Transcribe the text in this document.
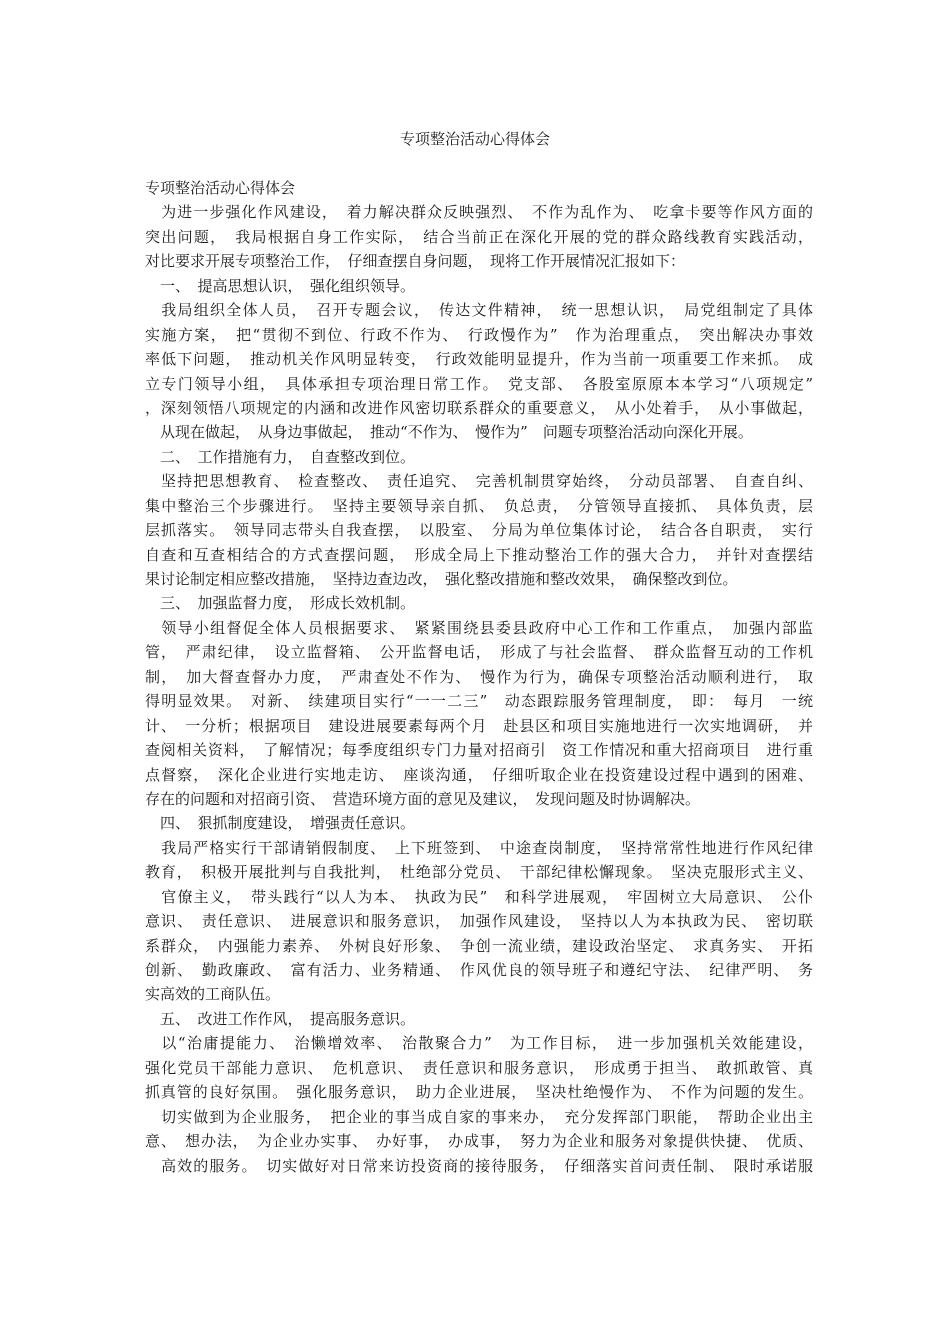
专项整治活动心得体会
专项整治活动心得体会
　为进一步强化作风建设，　着力解决群众反映强烈、　不作为乱作为、　吃拿卡要等作风方面的
突出问题，　我局根据自身工作实际，　结合当前正在深化开展的党的群众路线教育实践活动，
对比要求开展专项整治工作，　仔细查摆自身问题，　现将工作开展情况汇报如下：
　一、　提高思想认识，　强化组织领导。
　我局组织全体人员，　召开专题会议，　传达文件精神，　统一思想认识，　局党组制定了具体
实施方案，　把“贯彻不到位、行政不作为、　行政慢作为”　作为治理重点，　突出解决办事效
率低下问题，　推动机关作风明显转变，　行政效能明显提升，作为当前一项重要工作来抓。　成
立专门领导小组，　具体承担专项治理日常工作。　党支部、　各股室原原本本学习“八项规定”
，深刻领悟八项规定的内涵和改进作风密切联系群众的重要意义，　从小处着手，　从小事做起，
　从现在做起，　从身边事做起，　推动“不作为、　慢作为”　问题专项整治活动向深化开展。
　二、　工作措施有力，　自查整改到位。
　坚持把思想教育、　检查整改、　责任追究、　完善机制贯穿始终，　分动员部署、　自查自纠、
集中整治三个步骤进行。　坚持主要领导亲自抓、　负总责，　分管领导直接抓、　具体负责，层
层抓落实。　领导同志带头自我查摆，　以股室、　分局为单位集体讨论，　结合各自职责，　实行
自查和互查相结合的方式查摆问题，　形成全局上下推动整治工作的强大合力，　并针对查摆结
果讨论制定相应整改措施，　坚持边查边改，　强化整改措施和整改效果，　确保整改到位。
　三、　加强监督力度，　形成长效机制。
　领导小组督促全体人员根据要求、　紧紧围绕县委县政府中心工作和工作重点，　加强内部监
管，　严肃纪律，　设立监督箱、　公开监督电话，　形成了与社会监督、　群众监督互动的工作机
制，　加大督查督办力度，　严肃查处不作为、　慢作为行为，确保专项整治活动顺利进行，　取
得明显效果。　对新、　续建项目实行“一一二三”　动态跟踪服务管理制度，　即：　每月　一统
计、　一分析；根据项目　建设进展要素每两个月　赴县区和项目实施地进行一次实地调研，　并
查阅相关资料，　了解情况；每季度组织专门力量对招商引　资工作情况和重大招商项目　进行重
点督察，　深化企业进行实地走访、　座谈沟通，　仔细听取企业在投资建设过程中遇到的困难、
存在的问题和对招商引资、　营造环境方面的意见及建议，　发现问题及时协调解决。
　四、　狠抓制度建设，　增强责任意识。
　我局严格实行干部请销假制度、　上下班签到、　中途查岗制度，　坚持常常性地进行作风纪律
教育，　积极开展批判与自我批判，　杜绝部分党员、　干部纪律松懈现象。　坚决克服形式主义、
　官僚主义，　带头践行“以人为本、　执政为民”　和科学进展观，　牢固树立大局意识、　公仆
意识、　责任意识、　进展意识和服务意识，　加强作风建设，　坚持以人为本执政为民、　密切联
系群众，　内强能力素养、　外树良好形象、　争创一流业绩，建设政治坚定、　求真务实、　开拓
创新、　勤政廉政、　富有活力、业务精通、　作风优良的领导班子和遵纪守法、　纪律严明、　务
实高效的工商队伍。
　五、　改进工作作风，　提高服务意识。
　以“治庸提能力、　治懒增效率、　治散聚合力”　为工作目标，　进一步加强机关效能建设，
强化党员干部能力意识、　危机意识、　责任意识和服务意识，　形成勇于担当、　敢抓敢管、真
抓真管的良好氛围。　强化服务意识，　助力企业进展，　坚决杜绝慢作为、　不作为问题的发生。
　切实做到为企业服务，　把企业的事当成自家的事来办，　充分发挥部门职能，　帮助企业出主
意、　想办法，　为企业办实事、　办好事，　办成事，　努力为企业和服务对象提供快捷、　优质、
　高效的服务。　切实做好对日常来访投资商的接待服务，　仔细落实首问责任制、　限时承诺服
